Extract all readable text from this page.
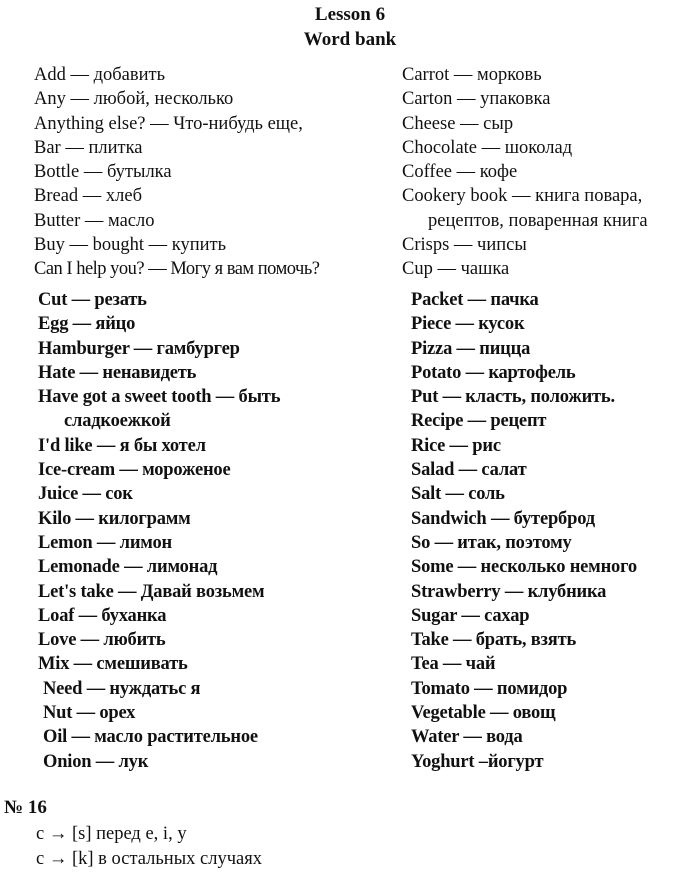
Lesson 6
Word bank
Add — добавить
Any — любой, несколько
Anything else? — Что-нибудь еще,
Bar — плитка
Bottle — бутылка
Bread — хлеб
Butter — масло
Buy — bought — купить
Can I help you? — Могу я вам помочь?
Carrot — морковь
Carton — упаковка
Cheese — сыр
Chocolate — шоколад
Coffee — кофе
Cookery book — книга повара,
рецептов, поваренная книга
Crisps — чипсы
Cup — чашка
Cut — резать
Egg — яйцо
Hamburger — гамбургер
Hate — ненавидеть
Have got a sweet tooth — быть
сладкоежкой
I'd like — я бы хотел
Ice-cream — мороженое
Juice — сок
Kilo — килограмм
Lemon — лимон
Lemonade — лимонад
Let's take — Давай возьмем
Loaf — буханка
Love — любить
Mix — смешивать
Need — нуждатьс я
Nut — орех
Oil — масло растительное
Onion — лук
Packet — пачка
Piece — кусок
Pizza — пицца
Potato — картофель
Put — класть, положить.
Recipe — рецепт
Rice — рис
Salad — салат
Salt — соль
Sandwich — бутерброд
So — итак, поэтому
Some — несколько немного
Strawberry — клубника
Sugar — сахар
Take — брать, взять
Tea — чай
Tomato — помидор
Vegetable — овощ
Water — вода
Yoghurt –йогурт
№ 16
c → [s] перед e, i, y
c → [k] в остальных случаях
